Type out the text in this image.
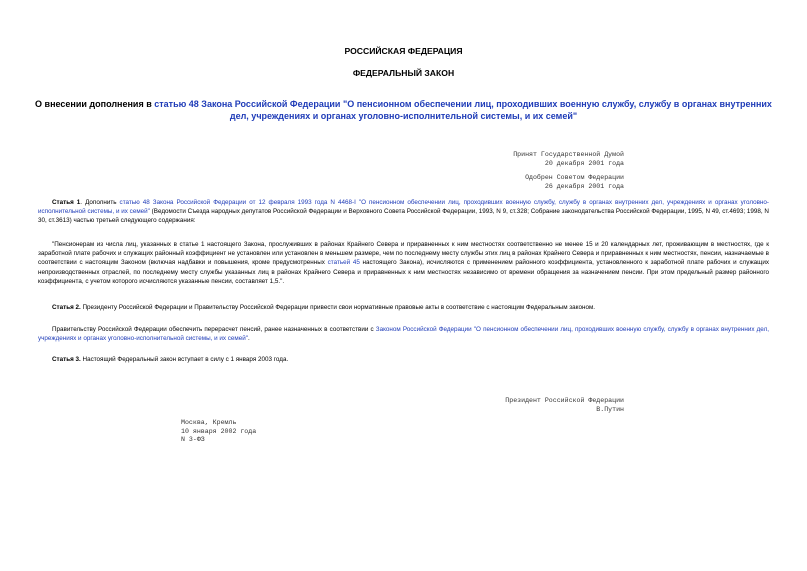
РОССИЙСКАЯ ФЕДЕРАЦИЯ
ФЕДЕРАЛЬНЫЙ ЗАКОН
О внесении дополнения в статью 48 Закона Российской Федерации "О пенсионном обеспечении лиц, проходивших военную службу, службу в органах внутренних дел, учреждениях и органах уголовно-исполнительной системы, и их семей"
Принят Государственной Думой
20 декабря 2001 года
Одобрен Советом Федерации
26 декабря 2001 года
Статья 1. Дополнить статью 48 Закона Российской Федерации от 12 февраля 1993 года N 4468-I "О пенсионном обеспечении лиц, проходивших военную службу, службу в органах внутренних дел, учреждениях и органах уголовно-исполнительной системы, и их семей" (Ведомости Съезда народных депутатов Российской Федерации и Верховного Совета Российской Федерации, 1993, N 9, ст.328; Собрание законодательства Российской Федерации, 1995, N 49, ст.4693; 1998, N 30, ст.3613) частью третьей следующего содержания:
"Пенсионерам из числа лиц, указанных в статье 1 настоящего Закона, прослуживших в районах Крайнего Севера и приравненных к ним местностях соответственно не менее 15 и 20 календарных лет, проживающим в местностях, где к заработной плате рабочих и служащих районный коэффициент не установлен или установлен в меньшем размере, чем по последнему месту службы этих лиц в районах Крайнего Севера и приравненных к ним местностях, пенсии, назначаемые в соответствии с настоящим Законом (включая надбавки и повышения, кроме предусмотренных статьей 45 настоящего Закона), исчисляются с применением районного коэффициента, установленного к заработной плате рабочих и служащих непроизводственных отраслей, по последнему месту службы указанных лиц в районах Крайнего Севера и приравненных к ним местностях независимо от времени обращения за назначением пенсии. При этом предельный размер районного коэффициента, с учетом которого исчисляются указанные пенсии, составляет 1,5.".
Статья 2. Президенту Российской Федерации и Правительству Российской Федерации привести свои нормативные правовые акты в соответствие с настоящим Федеральным законом.
Правительству Российской Федерации обеспечить перерасчет пенсий, ранее назначенных в соответствии с Законом Российской Федерации "О пенсионном обеспечении лиц, проходивших военную службу, службу в органах внутренних дел, учреждениях и органах уголовно-исполнительной системы, и их семей".
Статья 3. Настоящий Федеральный закон вступает в силу с 1 января 2003 года.
Президент Российской Федерации
В.Путин
Москва, Кремль
10 января 2002 года
N 3-ФЗ
